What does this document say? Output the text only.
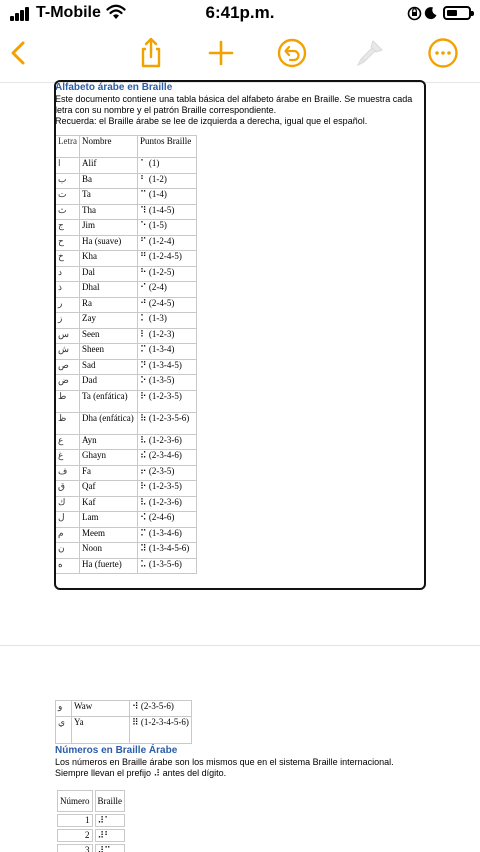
T-Mobile	6:41p.m.
Alfabeto árabe en Braille
Este documento contiene una tabla básica del alfabeto árabe en Braille. Se muestra cada letra con su nombre y el patrón Braille correspondiente.
Recuerda: el Braille árabe se lee de izquierda a derecha, igual que el español.
Letra	Nombre	Puntos Braille
ا	Alif	⠁ (1)
ب	Ba	⠃ (1-2)
ت	Ta	⠉ (1-4)
ث	Tha	⠹ (1-4-5)
ج	Jim	⠑ (1-5)
ح	Ha (suave)	⠋ (1-2-4)
خ	Kha	⠛ (1-2-4-5)
د	Dal	⠓ (1-2-5)
ذ	Dhal	⠊ (2-4)
ر	Ra	⠚ (2-4-5)
ز	Zay	⠅ (1-3)
س	Seen	⠇ (1-2-3)
ش	Sheen	⠍ (1-3-4)
ص	Sad	⠝ (1-3-4-5)
ض	Dad	⠕ (1-3-5)
ط	Ta (enfática)	⠗ (1-2-3-5)
ظ	Dha (enfática)	⠷ (1-2-3-5-6)
ع	Ayn	⠧ (1-2-3-6)
غ	Ghayn	⠮ (2-3-4-6)
ف	Fa	⠖ (2-3-5)
ق	Qaf	⠗ (1-2-3-5)
ك	Kaf	⠧ (1-2-3-6)
ل	Lam	⠪ (2-4-6)
م	Meem	⠍ (1-3-4-6)
ن	Noon	⠽ (1-3-4-5-6)
ه	Ha (fuerte)	⠥ (1-3-5-6)
و	Waw	⠺ (2-3-5-6)
ي	Ya	⠿ (1-2-3-4-5-6)
Números en Braille Árabe
Los números en Braille árabe son los mismos que en el sistema Braille internacional. Siempre llevan el prefijo ⠼ antes del dígito.
Número	Braille
1	⠼⠁
2	⠼⠃
3	⠼⠉
